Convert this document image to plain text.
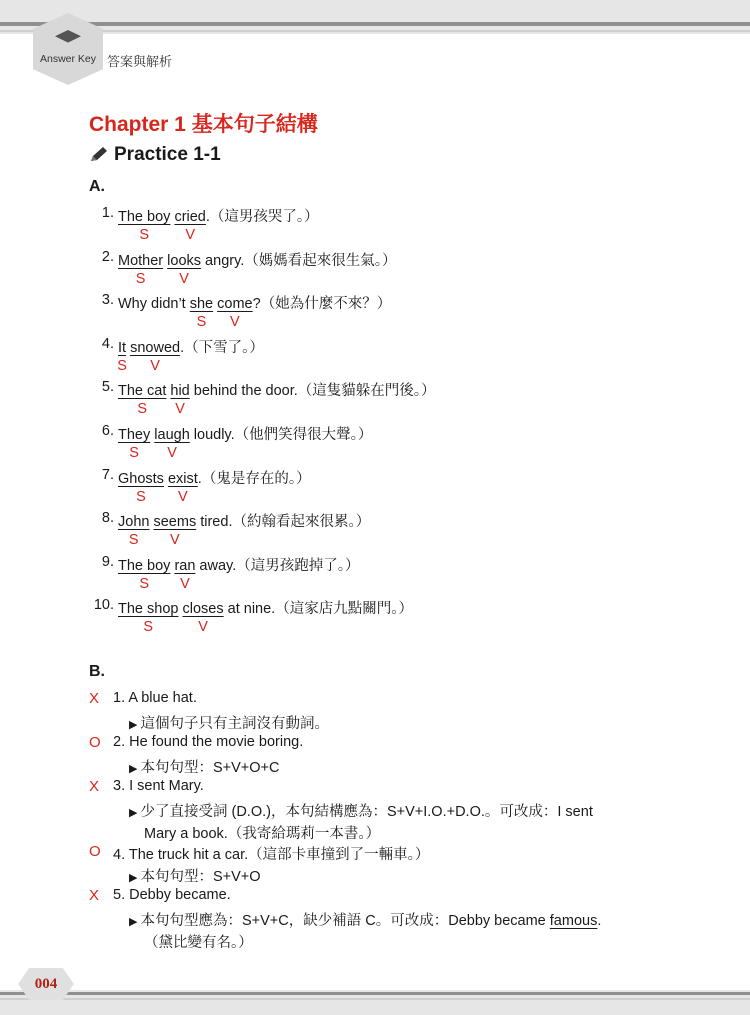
Answer Key 答案與解析
Chapter 1 基本句子結構
Practice 1-1
A.
1. The boy cried.（這男孩哭了。）
S	V
2. Mother looks angry.（媽媽看起來很生氣。）
S V
3. Why didn’t she come?（她為什麼不來？）
S V
4. It snowed.（下雪了。）
S V
5. The cat hid behind the door.（這隻貓躲在門後。）
S V
6. They laugh loudly.（他們笑得很大聲。）
S V
7. Ghosts exist.（鬼是存在的。）
S V
8. John seems tired.（約翰看起來很累。）
S V
9. The boy ran away.（這男孩跑掉了。）
S V
10. The shop closes at nine.（這家店九點關門。）
S	V
B.
X 1. A blue hat.
▶ 這個句子只有主詞沒有動詞。
O 2. He found the movie boring.
▶ 本句句型：S+V+O+C
X 3. I sent Mary.
▶ 少了直接受詞 (D.O.)，本句結構應為：S+V+I.O.+D.O.。可改成：I sent
Mary a book.（我寄給瑪莉一本書。）
O 4. The truck hit a car.（這部卡車撞到了一輛車。）
▶ 本句句型：S+V+O
X 5. Debby became.
▶ 本句句型應為：S+V+C，缺少補語 C。可改成：Debby became famous.
（黛比變有名。）
004
